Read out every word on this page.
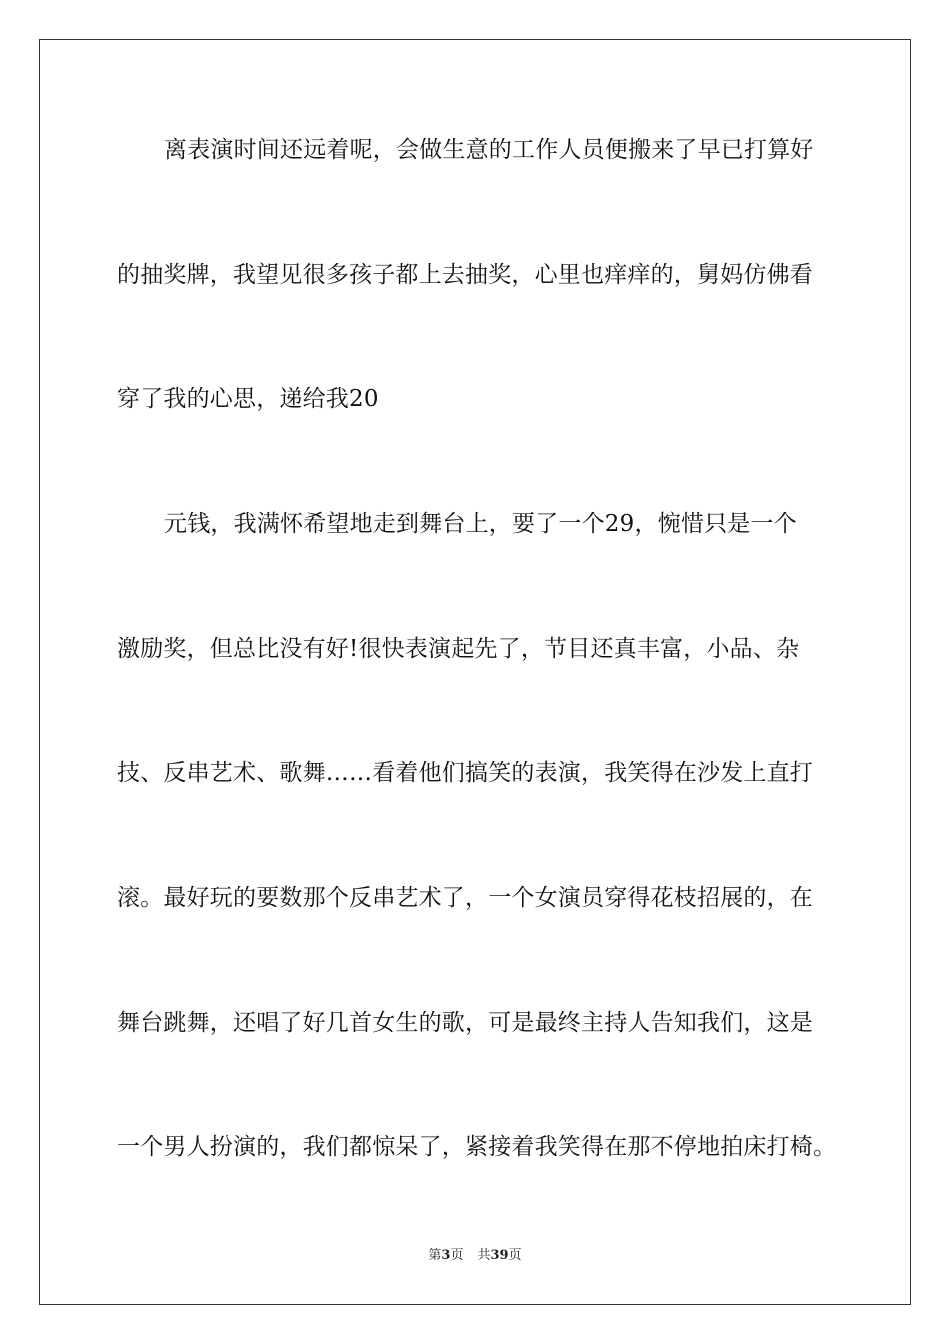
离表演时间还远着呢，会做生意的工作人员便搬来了早已打算好
的抽奖牌，我望见很多孩子都上去抽奖，心里也痒痒的，舅妈仿佛看
穿了我的心思，递给我20
元钱，我满怀希望地走到舞台上，要了一个29，惋惜只是一个
激励奖，但总比没有好!很快表演起先了，节目还真丰富，小品、杂
技、反串艺术、歌舞……看着他们搞笑的表演，我笑得在沙发上直打
滚。最好玩的要数那个反串艺术了，一个女演员穿得花枝招展的，在
舞台跳舞，还唱了好几首女生的歌，可是最终主持人告知我们，这是
一个男人扮演的，我们都惊呆了，紧接着我笑得在那不停地拍床打椅。
第3页 共39页
